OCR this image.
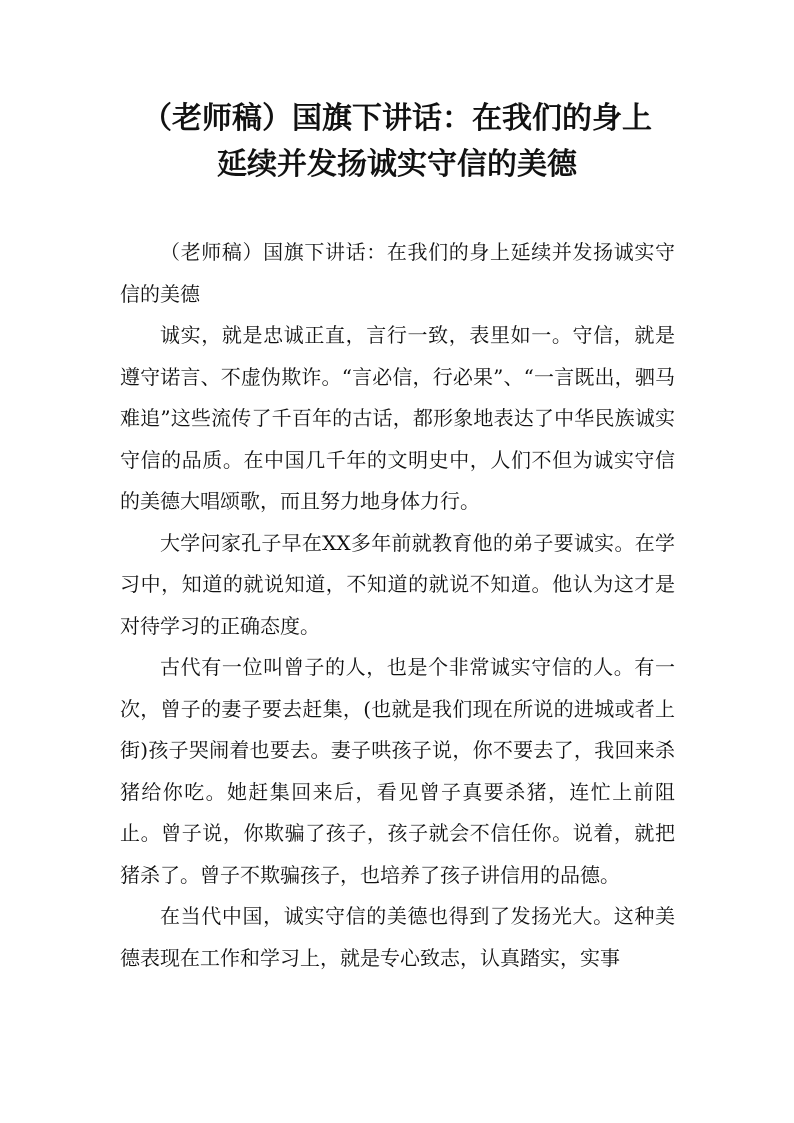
（老师稿）国旗下讲话：在我们的身上
延续并发扬诚实守信的美德

（老师稿）国旗下讲话：在我们的身上延续并发扬诚实守信的美德

诚实，就是忠诚正直，言行一致，表里如一。守信，就是遵守诺言、不虚伪欺诈。“言必信，行必果”、“一言既出，驷马难追”这些流传了千百年的古话，都形象地表达了中华民族诚实守信的品质。在中国几千年的文明史中，人们不但为诚实守信的美德大唱颂歌，而且努力地身体力行。

大学问家孔子早在XX多年前就教育他的弟子要诚实。在学习中，知道的就说知道，不知道的就说不知道。他认为这才是对待学习的正确态度。

古代有一位叫曾子的人，也是个非常诚实守信的人。有一次，曾子的妻子要去赶集，(也就是我们现在所说的进城或者上街)孩子哭闹着也要去。妻子哄孩子说，你不要去了，我回来杀猪给你吃。她赶集回来后，看见曾子真要杀猪，连忙上前阻止。曾子说，你欺骗了孩子，孩子就会不信任你。说着，就把猪杀了。曾子不欺骗孩子，也培养了孩子讲信用的品德。

在当代中国，诚实守信的美德也得到了发扬光大。这种美德表现在工作和学习上，就是专心致志，认真踏实，实事
